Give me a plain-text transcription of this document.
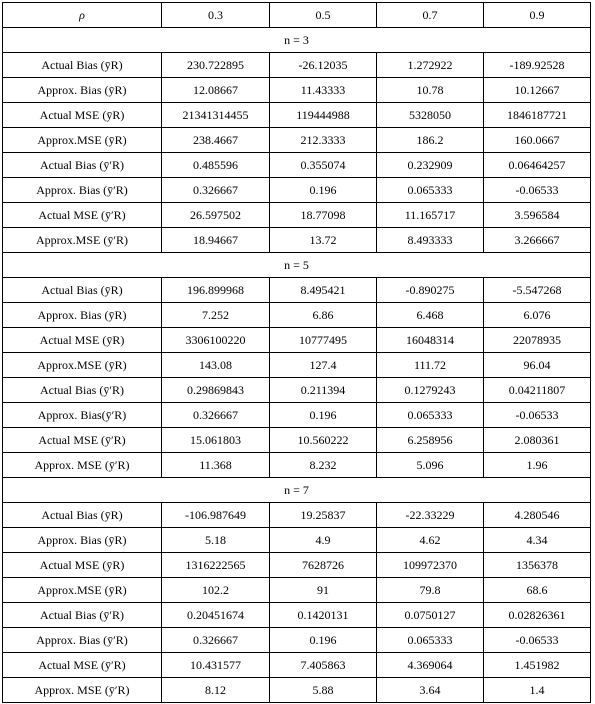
ρ	0.3	0.5	0.7	0.9
n = 3				
Actual Bias (ȳR)	230.722895	-26.12035	1.272922	-189.92528
Approx. Bias (ȳR)	12.08667	11.43333	10.78	10.12667
Actual MSE (ȳR)	21341314455	119444988	5328050	1846187721
Approx.MSE (ȳR)	238.4667	212.3333	186.2	160.0667
Actual Bias (ȳ′R)	0.485596	0.355074	0.232909	0.06464257
Approx. Bias (ȳ′R)	0.326667	0.196	0.065333	-0.06533
Actual MSE (ȳ′R)	26.597502	18.77098	11.165717	3.596584
Approx.MSE (ȳ′R)	18.94667	13.72	8.493333	3.266667
n = 5				
Actual Bias (ȳR)	196.899968	8.495421	-0.890275	-5.547268
Approx. Bias (ȳR)	7.252	6.86	6.468	6.076
Actual MSE (ȳR)	3306100220	10777495	16048314	22078935
Approx.MSE (ȳR)	143.08	127.4	111.72	96.04
Actual Bias (ȳ′R)	0.29869843	0.211394	0.1279243	0.04211807
Approx. Bias(ȳ′R)	0.326667	0.196	0.065333	-0.06533
Actual MSE (ȳ′R)	15.061803	10.560222	6.258956	2.080361
Approx. MSE (ȳ′R)	11.368	8.232	5.096	1.96
n = 7				
Actual Bias (ȳR)	-106.987649	19.25837	-22.33229	4.280546
Approx. Bias (ȳR)	5.18	4.9	4.62	4.34
Actual MSE (ȳR)	1316222565	7628726	109972370	1356378
Approx.MSE (ȳR)	102.2	91	79.8	68.6
Actual Bias (ȳ′R)	0.20451674	0.1420131	0.0750127	0.02826361
Approx. Bias (ȳ′R)	0.326667	0.196	0.065333	-0.06533
Actual MSE (ȳ′R)	10.431577	7.405863	4.369064	1.451982
Approx. MSE (ȳ′R)	8.12	5.88	3.64	1.4
